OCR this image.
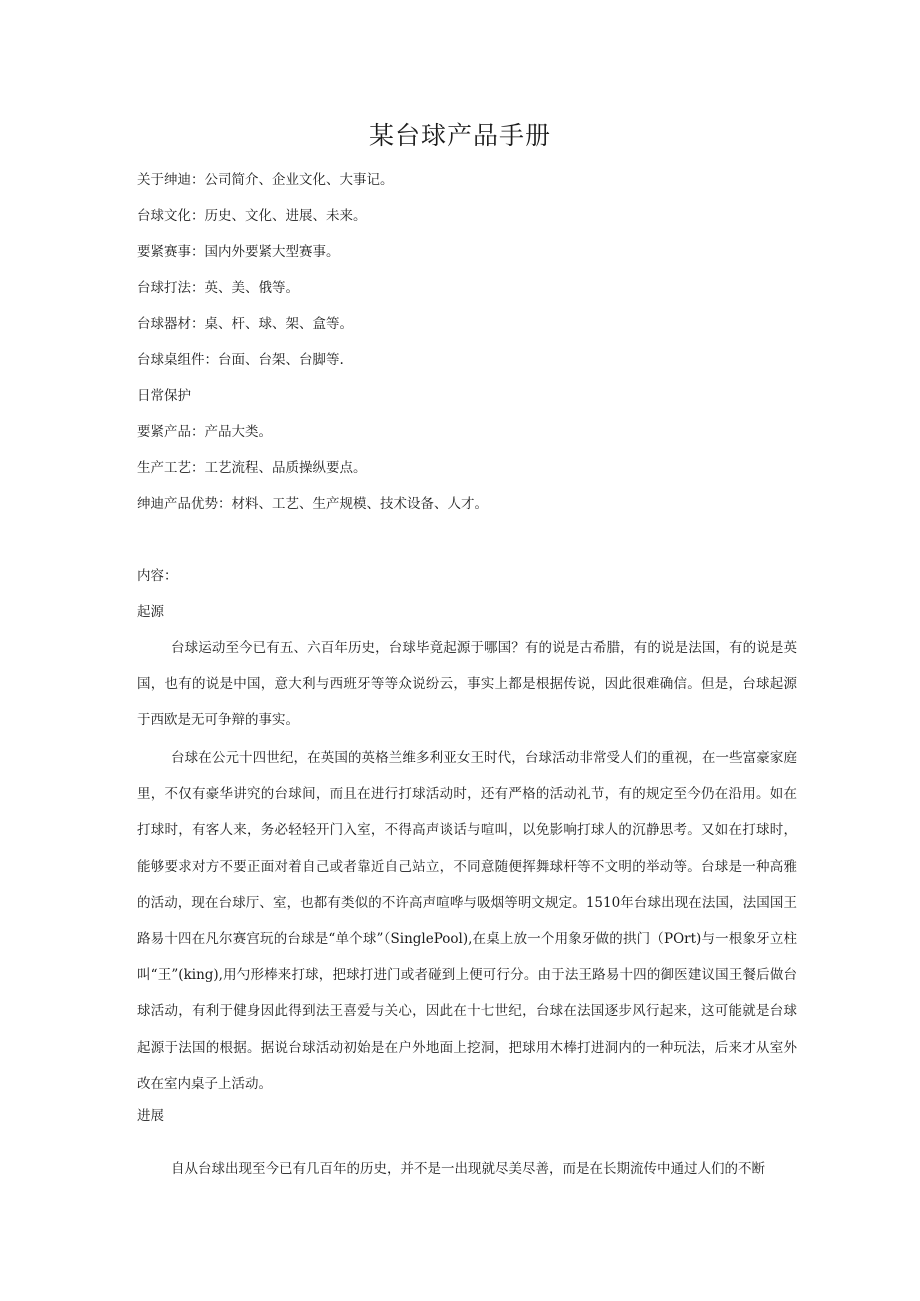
某台球产品手册
关于绅迪：公司简介、企业文化、大事记。
台球文化：历史、文化、进展、未来。
要紧赛事：国内外要紧大型赛事。
台球打法：英、美、俄等。
台球器材：桌、杆、球、架、盒等。
台球桌组件：台面、台架、台脚等.
日常保护
要紧产品：产品大类。
生产工艺：工艺流程、品质操纵要点。
绅迪产品优势：材料、工艺、生产规模、技术设备、人才。

内容：

起源

台球运动至今已有五、六百年历史，台球毕竟起源于哪国？有的说是古希腊，有的说是法国，有的说是英国，也有的说是中国，意大利与西班牙等等众说纷云，事实上都是根据传说，因此很难确信。但是，台球起源于西欧是无可争辩的事实。

台球在公元十四世纪，在英国的英格兰维多利亚女王时代，台球活动非常受人们的重视，在一些富豪家庭里，不仅有豪华讲究的台球间，而且在进行打球活动时，还有严格的活动礼节，有的规定至今仍在沿用。如在打球时，有客人来，务必轻轻开门入室，不得高声谈话与喧叫，以免影响打球人的沉静思考。又如在打球时，能够要求对方不要正面对着自己或者靠近自己站立，不同意随便挥舞球杆等不文明的举动等。台球是一种高雅的活动，现在台球厅、室，也都有类似的不许高声喧哗与吸烟等明文规定。1510年台球出现在法国，法国国王路易十四在凡尔赛宫玩的台球是“单个球”（SinglePool),在桌上放一个用象牙做的拱门（POrt)与一根象牙立柱叫“王”(king),用勺形棒来打球，把球打进门或者碰到上便可行分。由于法王路易十四的御医建议国王餐后做台球活动，有利于健身因此得到法王喜爱与关心，因此在十七世纪，台球在法国逐步风行起来，这可能就是台球起源于法国的根据。据说台球活动初始是在户外地面上挖洞，把球用木棒打进洞内的一种玩法，后来才从室外改在室内桌子上活动。

进展

自从台球出现至今已有几百年的历史，并不是一出现就尽美尽善，而是在长期流传中通过人们的不断
